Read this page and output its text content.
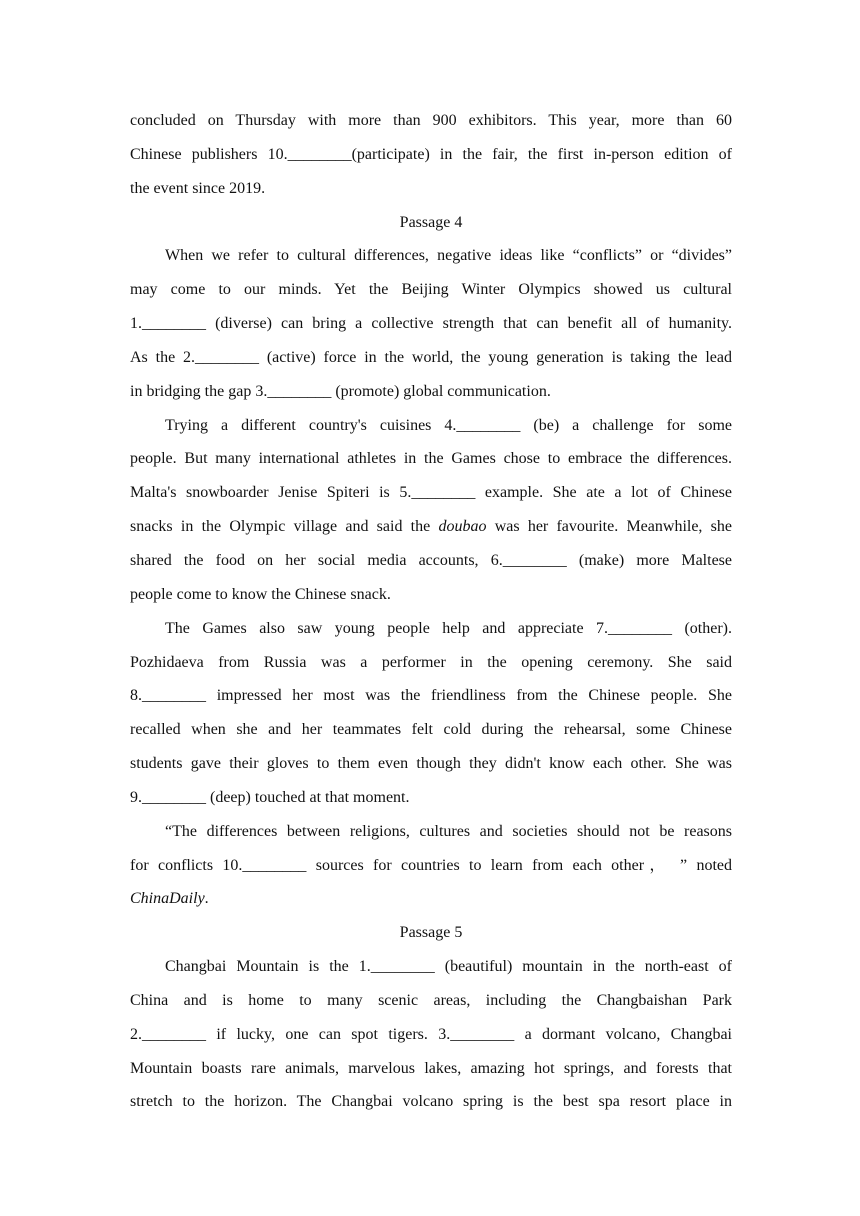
concluded on Thursday with more than 900 exhibitors. This year, more than 60
Chinese publishers 10.________(participate) in the fair, the first in-person edition of
the event since 2019.
Passage 4
When we refer to cultural differences, negative ideas like “conflicts” or “divides”
may come to our minds. Yet the Beijing Winter Olympics showed us cultural
1.________ (diverse) can bring a collective strength that can benefit all of humanity.
As the 2.________ (active) force in the world, the young generation is taking the lead
in bridging the gap 3.________ (promote) global communication.
Trying a different country's cuisines 4.________ (be) a challenge for some
people. But many international athletes in the Games chose to embrace the differences.
Malta's snowboarder Jenise Spiteri is 5.________ example. She ate a lot of Chinese
snacks in the Olympic village and said the doubao was her favourite. Meanwhile, she
shared the food on her social media accounts, 6.________ (make) more Maltese
people come to know the Chinese snack.
The Games also saw young people help and appreciate 7.________ (other).
Pozhidaeva from Russia was a performer in the opening ceremony. She said
8.________ impressed her most was the friendliness from the Chinese people. She
recalled when she and her teammates felt cold during the rehearsal, some Chinese
students gave their gloves to them even though they didn't know each other. She was
9.________ (deep) touched at that moment.
“The differences between religions, cultures and societies should not be reasons
for conflicts 10.________ sources for countries to learn from each other， ” noted
ChinaDaily.
Passage 5
Changbai Mountain is the 1.________ (beautiful) mountain in the north-east of
China and is home to many scenic areas, including the Changbaishan Park
2.________ if lucky, one can spot tigers. 3.________ a dormant volcano, Changbai
Mountain boasts rare animals, marvelous lakes, amazing hot springs, and forests that
stretch to the horizon. The Changbai volcano spring is the best spa resort place in
